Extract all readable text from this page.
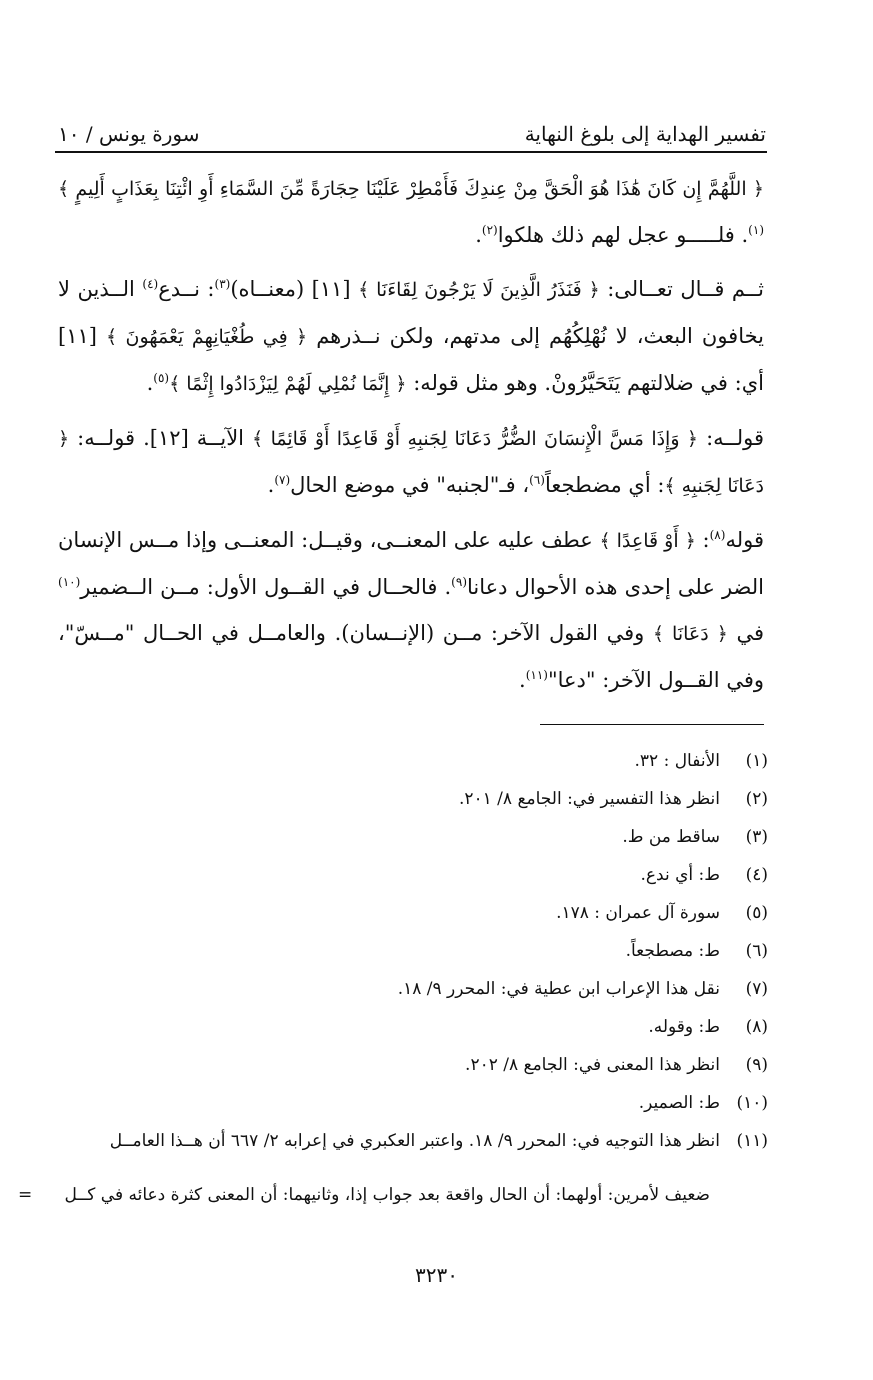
تفسير الهداية إلى بلوغ النهاية
سورة يونس / ١٠

﴿ اللَّهُمَّ إِن كَانَ هَٰذَا هُوَ الْحَقَّ مِنْ عِندِكَ فَأَمْطِرْ عَلَيْنَا حِجَارَةً مِّنَ السَّمَاءِ أَوِ ائْتِنَا بِعَذَابٍ أَلِيمٍ ﴾$^{(١)}$. فلـــــو عجل لهم ذلك هلكوا$^{(٢)}$.

ثــم قــال تعــالى: ﴿ فَنَذَرُ الَّذِينَ لَا يَرْجُونَ لِقَاءَنَا ﴾ [١١] (معنــاه)$^{(٣)}$: نــدع$^{(٤)}$ الــذين لا يخافون البعث، لا نُهْلِكُهُم إلى مدتهم، ولكن نــذرهم ﴿ فِي طُغْيَانِهِمْ يَعْمَهُونَ ﴾ [١١] أي: في ضلالتهم يَتَحَيَّرُونْ. وهو مثل قوله: ﴿ إِنَّمَا نُمْلِي لَهُمْ لِيَزْدَادُوا إِثْمًا ﴾$^{(٥)}$.

قولــه: ﴿ وَإِذَا مَسَّ الْإِنسَانَ الضُّرُّ دَعَانَا لِجَنبِهِ أَوْ قَاعِدًا أَوْ قَائِمًا ﴾ الآيــة [١٢]. قولــه: ﴿ دَعَانَا لِجَنبِهِ ﴾: أي مضطجعاً$^{(٦)}$، فـ"لجنبه" في موضع الحال$^{(٧)}$.

قوله$^{(٨)}$: ﴿ أَوْ قَاعِدًا ﴾ عطف عليه على المعنــى، وقيــل: المعنــى وإذا مــس الإنسان الضر على إحدى هذه الأحوال دعانا$^{(٩)}$. فالحــال في القــول الأول: مــن الــضمير$^{(١٠)}$ في ﴿ دَعَانَا ﴾ وفي القول الآخر: مــن (الإنــسان). والعامــل في الحــال "مــسّ"، وفي القــول الآخر: "دعا"$^{(١١)}$.

(١)
الأنفال : ٣٢.
(٢)
انظر هذا التفسير في: الجامع ٨/ ٢٠١.
(٣)
ساقط من ط.
(٤)
ط: أي ندع.
(٥)
سورة آل عمران : ١٧٨.
(٦)
ط: مصطجعاً.
(٧)
نقل هذا الإعراب ابن عطية في: المحرر ٩/ ١٨.
(٨)
ط: وقوله.
(٩)
انظر هذا المعنى في: الجامع ٨/ ٢٠٢.
(١٠)
ط: الصمير.
(١١)
انظر هذا التوجيه في: المحرر ٩/ ١٨. واعتبر العكبري في إعرابه ٢/ ٦٦٧ أن هــذا العامــل
ضعيف لأمرين: أولهما: أن الحال واقعة بعد جواب إذا، وثانيهما: أن المعنى كثرة دعائه في كــل
=
٣٢٣٠
